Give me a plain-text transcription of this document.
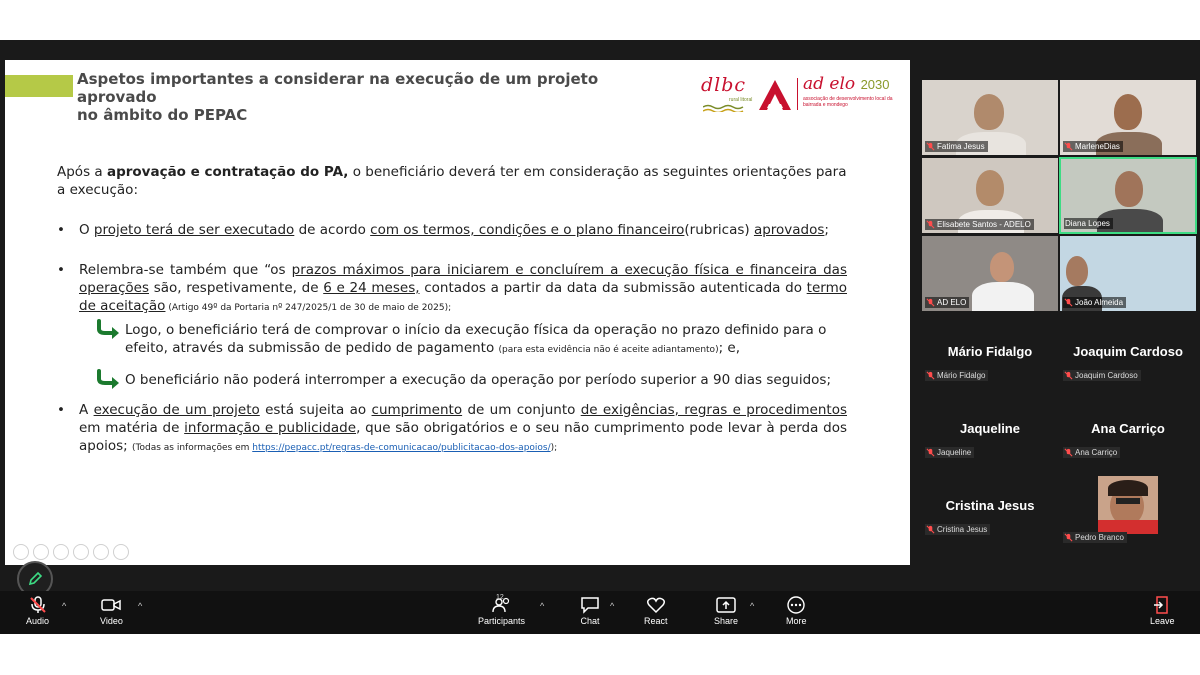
Aspetos importantes a considerar na execução de um projeto aprovado
no âmbito do PEPAC
dlbc
rural litoral
ad elo 2030
associação de desenvolvimento local da bairrada e mondego

Após a aprovação e contratação do PA, o beneficiário deverá ter em consideração as seguintes orientações para a execução:

• O projeto terá de ser executado de acordo com os termos, condições e o plano financeiro(rubricas) aprovados;

• Relembra-se também que “os prazos máximos para iniciarem e concluírem a execução física e financeira das operações são, respetivamente, de 6 e 24 meses, contados a partir da data da submissão autenticada do termo de aceitação (Artigo 49º da Portaria nº 247/2025/1 de 30 de maio de 2025);

Logo, o beneficiário terá de comprovar o início da execução física da operação no prazo definido para o efeito, através da submissão de pedido de pagamento (para esta evidência não é aceite adiantamento); e,

O beneficiário não poderá interromper a execução da operação por período superior a 90 dias seguidos;

• A execução de um projeto está sujeita ao cumprimento de um conjunto de exigências, regras e procedimentos em matéria de informação e publicidade, que são obrigatórios e o seu não cumprimento pode levar à perda dos apoios; (Todas as informações em https://pepacc.pt/regras-de-comunicacao/publicitacao-dos-apoios/);

Fatima Jesus	MarleneDias
Elisabete Santos - ADELO	Diana Lopes
AD ELO	João Almeida
Mário Fidalgo
Mário Fidalgo
Joaquim Cardoso
Joaquim Cardoso
Jaqueline
Jaqueline
Ana Carriço
Ana Carriço
Cristina Jesus
Cristina Jesus
Pedro Branco
Audio
^
Video
^
12
Participants
^
Chat
^
React	Share
^
More	Leave
